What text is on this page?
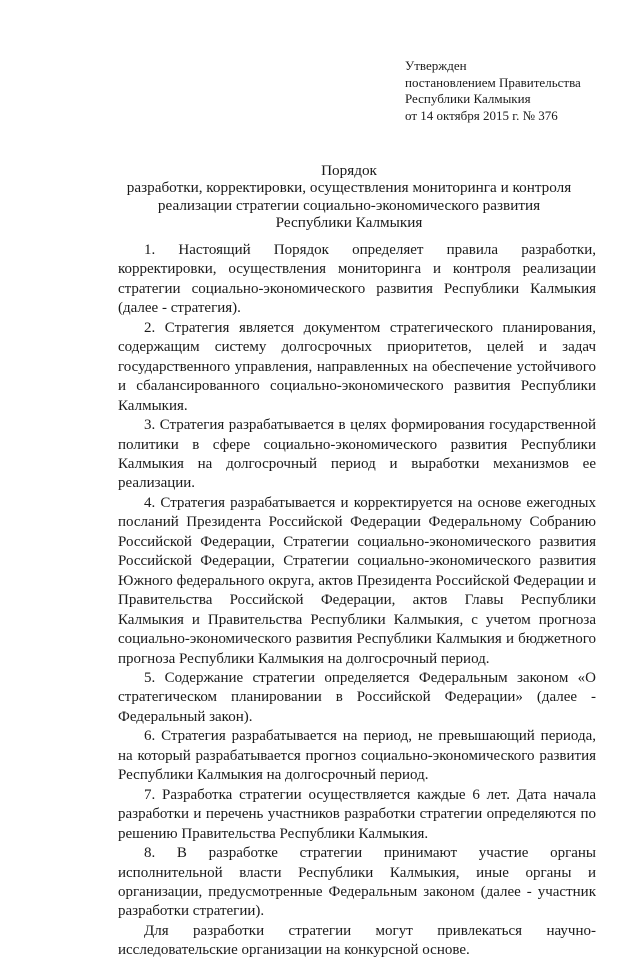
Утвержден
постановлением Правительства
Республики Калмыкия
от 14 октября 2015 г. № 376
Порядок
разработки, корректировки, осуществления мониторинга и контроля
реализации стратегии социально-экономического развития
Республики Калмыкия

1. Настоящий Порядок определяет правила разработки, корректировки, осуществления мониторинга и контроля реализации стратегии социально-экономического развития Республики Калмыкия (далее - стратегия).

2. Стратегия является документом стратегического планирования, содержащим систему долгосрочных приоритетов, целей и задач государственного управления, направленных на обеспечение устойчивого и сбалансированного социально-экономического развития Республики Калмыкия.

3. Стратегия разрабатывается в целях формирования государственной политики в сфере социально-экономического развития Республики Калмыкия на долгосрочный период и выработки механизмов ее реализации.

4. Стратегия разрабатывается и корректируется на основе ежегодных посланий Президента Российской Федерации Федеральному Собранию Российской Федерации, Стратегии социально-экономического развития Российской Федерации, Стратегии социально-экономического развития Южного федерального округа, актов Президента Российской Федерации и Правительства Российской Федерации, актов Главы Республики Калмыкия и Правительства Республики Калмыкия, с учетом прогноза социально-экономического развития Республики Калмыкия и бюджетного прогноза Республики Калмыкия на долгосрочный период.

5. Содержание стратегии определяется Федеральным законом «О стратегическом планировании в Российской Федерации» (далее - Федеральный закон).

6. Стратегия разрабатывается на период, не превышающий периода, на который разрабатывается прогноз социально-экономического развития Республики Калмыкия на долгосрочный период.

7. Разработка стратегии осуществляется каждые 6 лет. Дата начала разработки и перечень участников разработки стратегии определяются по решению Правительства Республики Калмыкия.

8. В разработке стратегии принимают участие органы исполнительной власти Республики Калмыкия, иные органы и организации, предусмотренные Федеральным законом (далее - участник разработки стратегии).

Для разработки стратегии могут привлекаться научно-исследовательские организации на конкурсной основе.
